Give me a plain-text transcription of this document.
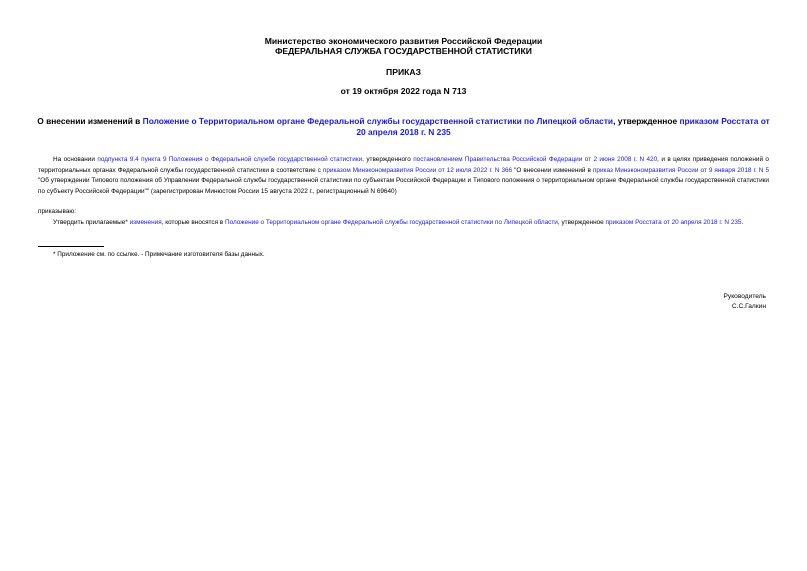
Министерство экономического развития Российской Федерации
ФЕДЕРАЛЬНАЯ СЛУЖБА ГОСУДАРСТВЕННОЙ СТАТИСТИКИ
ПРИКАЗ
от 19 октября 2022 года N 713
О внесении изменений в Положение о Территориальном органе Федеральной службы государственной статистики по Липецкой области, утвержденное приказом Росстата от 20 апреля 2018 г. N 235
На основании подпункта 9.4 пункта 9 Положения о Федеральной службе государственной статистики, утвержденного постановлением Правительства Российской Федерации от 2 июня 2008 г. N 420, и в целях приведения положений о территориальных органах Федеральной службы государственной статистики в соответствие с приказом Минэкономразвития России от 12 июля 2022 г. N 366 "О внесении изменений в приказ Минэкономразвития России от 9 января 2018 г. N 5 "Об утверждении Типового положения об Управлении Федеральной службы государственной статистики по субъектам Российской Федерации и Типового положения о территориальном органе Федеральной службы государственной статистики по субъекту Российской Федерации"" (зарегистрирован Минюстом России 15 августа 2022 г., регистрационный N 69640)
приказываю:
Утвердить прилагаемые* изменения, которые вносятся в Положение о Территориальном органе Федеральной службы государственной статистики по Липецкой области, утвержденное приказом Росстата от 20 апреля 2018 г. N 235.
* Приложение см. по ссылке. - Примечание изготовителя базы данных.
Руководитель
С.С.Галкин
